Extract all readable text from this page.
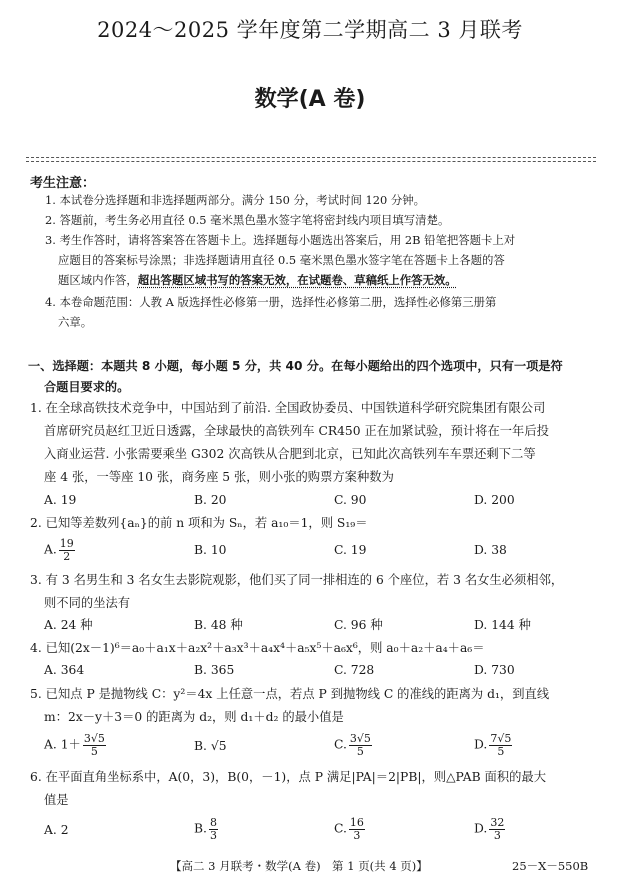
2024～2025 学年度第二学期高二 3 月联考
数学(A 卷)
考生注意：
1. 本试卷分选择题和非选择题两部分。满分 150 分，考试时间 120 分钟。
2. 答题前，考生务必用直径 0.5 毫米黑色墨水签字笔将密封线内项目填写清楚。
3. 考生作答时，请将答案答在答题卡上。选择题每小题选出答案后，用 2B 铅笔把答题卡上对
应题目的答案标号涂黑；非选择题请用直径 0.5 毫米黑色墨水签字笔在答题卡上各题的答
题区域内作答，超出答题区域书写的答案无效，在试题卷、草稿纸上作答无效。
4. 本卷命题范围：人教 A 版选择性必修第一册，选择性必修第二册，选择性必修第三册第
六章。
一、选择题：本题共 8 小题，每小题 5 分，共 40 分。在每小题给出的四个选项中，只有一项是符
合题目要求的。
1. 在全球高铁技术竞争中，中国站到了前沿. 全国政协委员、中国铁道科学研究院集团有限公司
首席研究员赵红卫近日透露，全球最快的高铁列车 CR450 正在加紧试验，预计将在一年后投
入商业运营. 小张需要乘坐 G302 次高铁从合肥到北京，已知此次高铁列车车票还剩下二等
座 4 张，一等座 10 张，商务座 5 张，则小张的购票方案种数为
A. 19	B. 20	C. 90	D. 200
2. 已知等差数列{aₙ}的前 n 项和为 Sₙ，若 a₁₀＝1，则 S₁₉＝
A. $\frac{19}{2}$	B. 10	C. 19	D. 38
3. 有 3 名男生和 3 名女生去影院观影，他们买了同一排相连的 6 个座位，若 3 名女生必须相邻，
则不同的坐法有
A. 24 种	B. 48 种	C. 96 种	D. 144 种
4. 已知(2x－1)⁶＝a₀＋a₁x＋a₂x²＋a₃x³＋a₄x⁴＋a₅x⁵＋a₆x⁶，则 a₀＋a₂＋a₄＋a₆＝
A. 364	B. 365	C. 728	D. 730
5. 已知点 P 是抛物线 C：y²＝4x 上任意一点，若点 P 到抛物线 C 的准线的距离为 d₁，到直线
m：2x－y＋3＝0 的距离为 d₂，则 d₁＋d₂ 的最小值是
A. $1+ \frac{3√5}{5}$	B. √5	C. $\frac{3√5}{5}$	D. $\frac{7√5}{5}$
6. 在平面直角坐标系中，A(0，3)，B(0，－1)，点 P 满足|PA|＝2|PB|，则△PAB 面积的最大
值是
A. 2	B. $\frac{8}{3}$	C. $\frac{16}{3}$	D. $\frac{32}{3}$
【高二 3 月联考・数学(A 卷)　第 1 页(共 4 页)】	25－X－550B
